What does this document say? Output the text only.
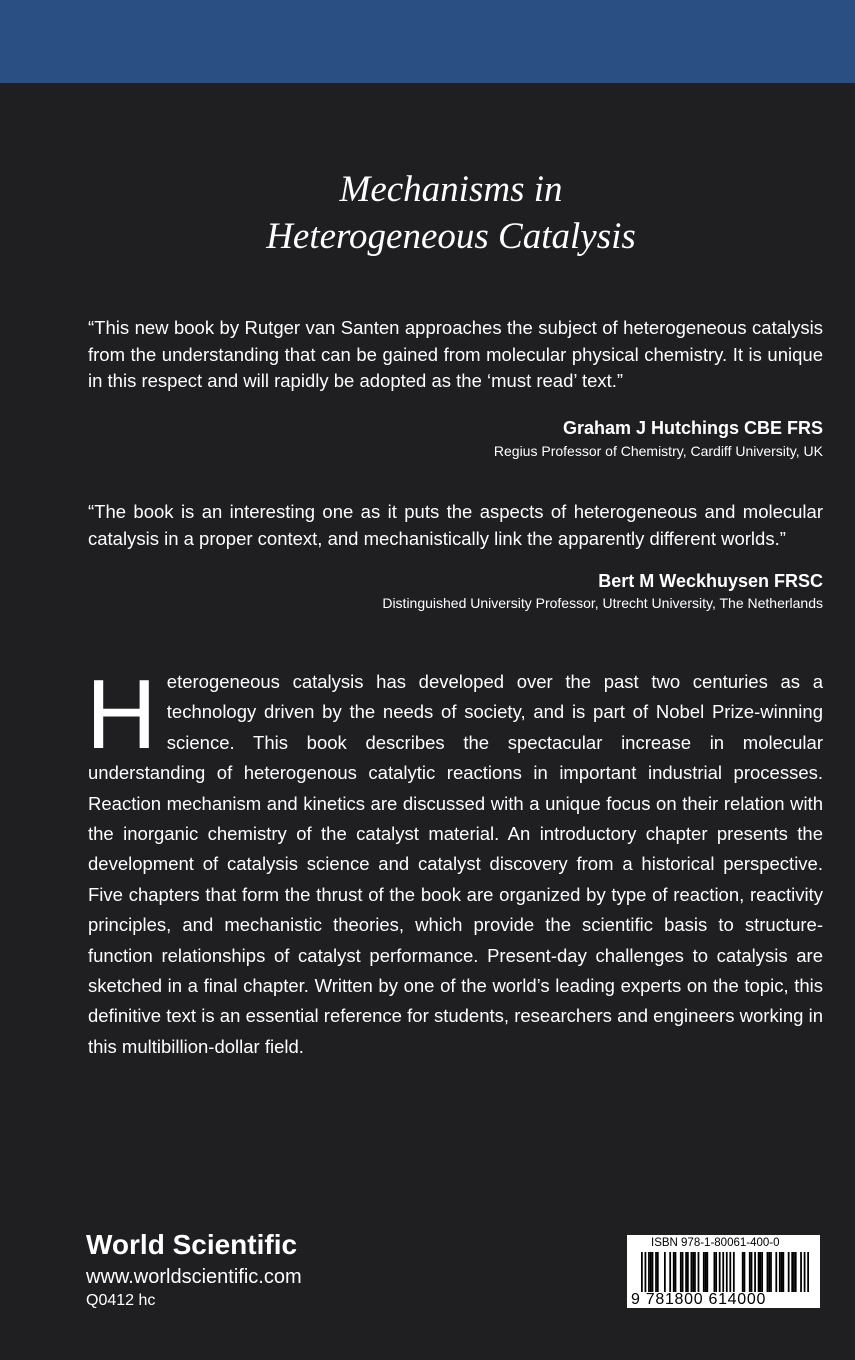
Mechanisms in
Heterogeneous Catalysis
“This new book by Rutger van Santen approaches the subject of heterogeneous catalysis from the understanding that can be gained from molecular physical chemistry. It is unique in this respect and will rapidly be adopted as the ‘must read’ text.”
Graham J Hutchings CBE FRS
Regius Professor of Chemistry, Cardiff University, UK
“The book is an interesting one as it puts the aspects of heterogeneous and molecular catalysis in a proper context, and mechanistically link the apparently different worlds.”
Bert M Weckhuysen FRSC
Distinguished University Professor, Utrecht University, The Netherlands
Heterogeneous catalysis has developed over the past two centuries as a technology driven by the needs of society, and is part of Nobel Prize-winning science. This book describes the spectacular increase in molecular understanding of heterogenous catalytic reactions in important industrial processes. Reaction mechanism and kinetics are discussed with a unique focus on their relation with the inorganic chemistry of the catalyst material. An introductory chapter presents the development of catalysis science and catalyst discovery from a historical perspective. Five chapters that form the thrust of the book are organized by type of reaction, reactivity principles, and mechanistic theories, which provide the scientific basis to structure-function relationships of catalyst performance. Present-day challenges to catalysis are sketched in a final chapter. Written by one of the world’s leading experts on the topic, this definitive text is an essential reference for students, researchers and engineers working in this multibillion-dollar field.
World Scientific
www.worldscientific.com
Q0412 hc
ISBN 978-1-80061-400-0
9 781800 614000
